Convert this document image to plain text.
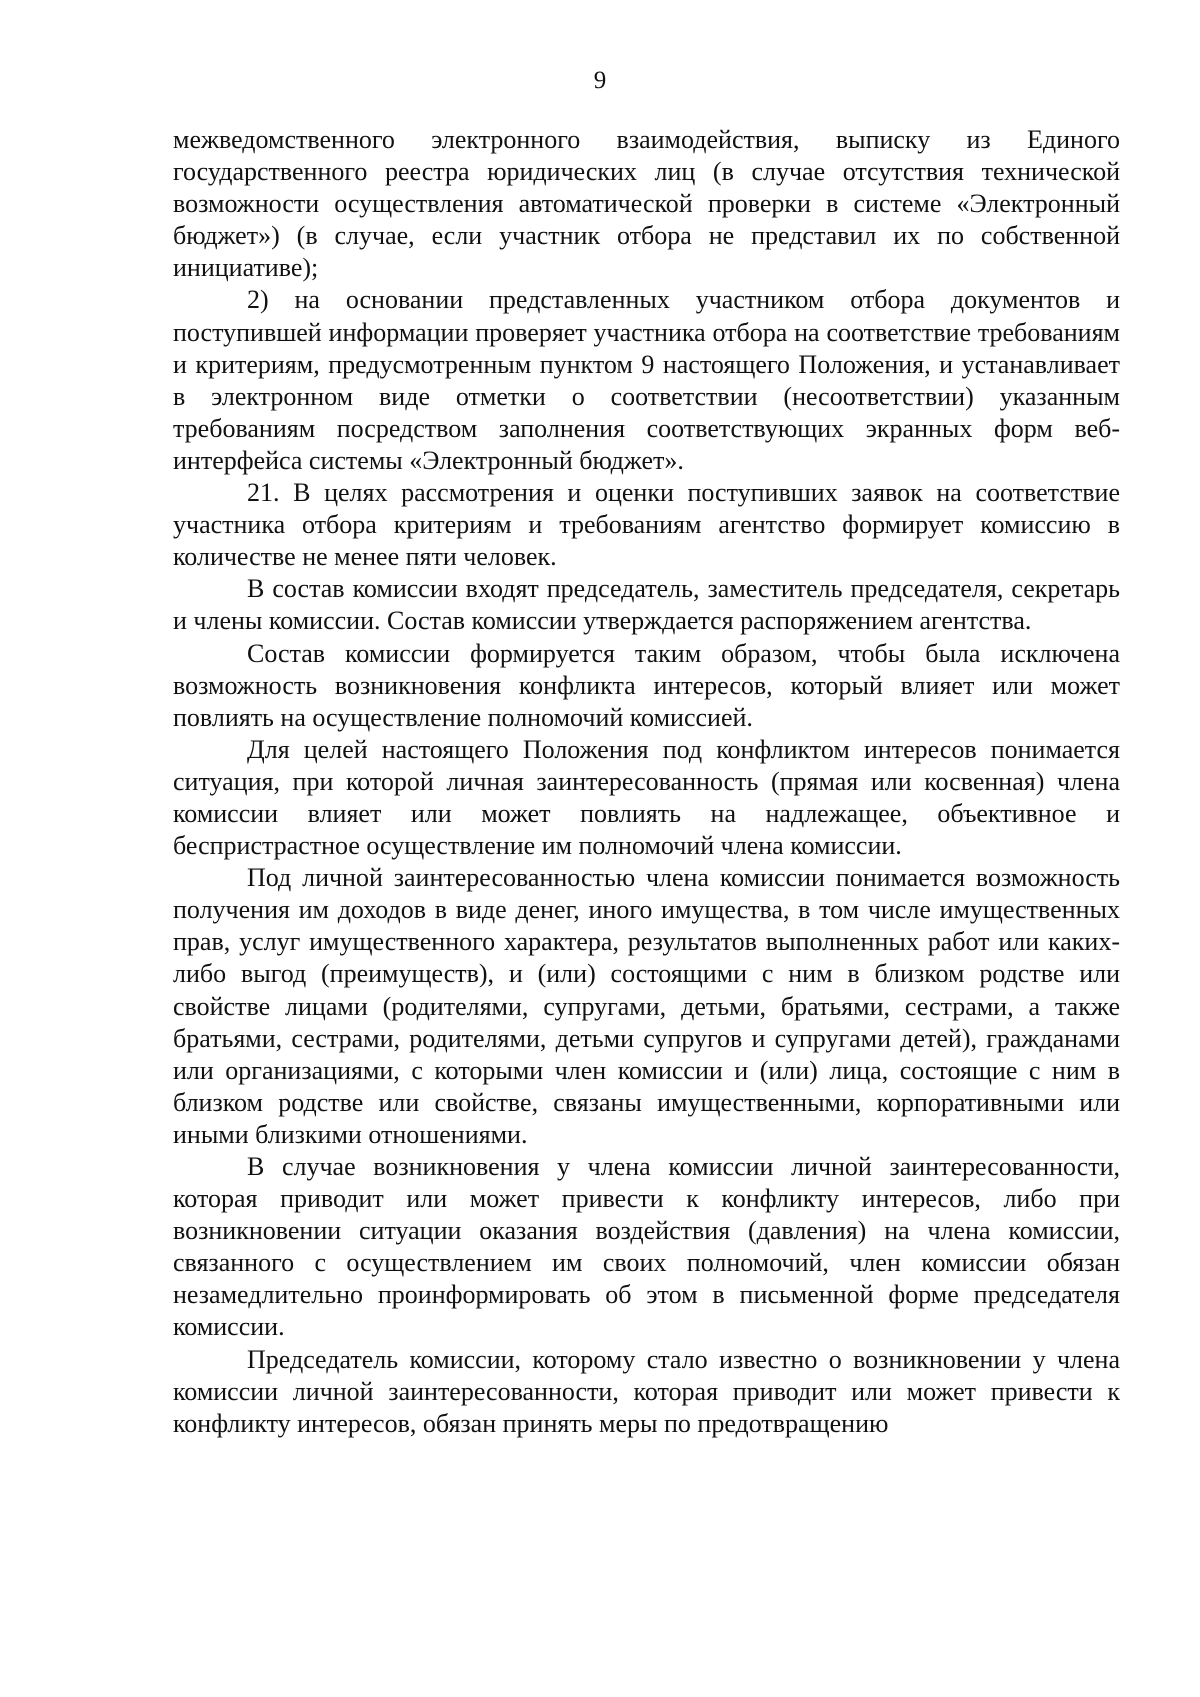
9

межведомственного электронного взаимодействия, выписку из Единого государственного реестра юридических лиц (в случае отсутствия технической возможности осуществления автоматической проверки в системе «Электронный бюджет») (в случае, если участник отбора не представил их по собственной инициативе);

2) на основании представленных участником отбора документов и поступившей информации проверяет участника отбора на соответствие требованиям и критериям, предусмотренным пунктом 9 настоящего Положения, и устанавливает в электронном виде отметки о соответствии (несоответствии) указанным требованиям посредством заполнения соответствующих экранных форм веб-интерфейса системы «Электронный бюджет».

21. В целях рассмотрения и оценки поступивших заявок на соответствие участника отбора критериям и требованиям агентство формирует комиссию в количестве не менее пяти человек.

В состав комиссии входят председатель, заместитель председателя, секретарь и члены комиссии. Состав комиссии утверждается распоряжением агентства.

Состав комиссии формируется таким образом, чтобы была исключена возможность возникновения конфликта интересов, который влияет или может повлиять на осуществление полномочий комиссией.

Для целей настоящего Положения под конфликтом интересов понимается ситуация, при которой личная заинтересованность (прямая или косвенная) члена комиссии влияет или может повлиять на надлежащее, объективное и беспристрастное осуществление им полномочий члена комиссии.

Под личной заинтересованностью члена комиссии понимается возможность получения им доходов в виде денег, иного имущества, в том числе имущественных прав, услуг имущественного характера, результатов выполненных работ или каких-либо выгод (преимуществ), и (или) состоящими с ним в близком родстве или свойстве лицами (родителями, супругами, детьми, братьями, сестрами, а также братьями, сестрами, родителями, детьми супругов и супругами детей), гражданами или организациями, с которыми член комиссии и (или) лица, состоящие с ним в близком родстве или свойстве, связаны имущественными, корпоративными или иными близкими отношениями.

В случае возникновения у члена комиссии личной заинтересованности, которая приводит или может привести к конфликту интересов, либо при возникновении ситуации оказания воздействия (давления) на члена комиссии, связанного с осуществлением им своих полномочий, член комиссии обязан незамедлительно проинформировать об этом в письменной форме председателя комиссии.

Председатель комиссии, которому стало известно о возникновении у члена комиссии личной заинтересованности, которая приводит или может привести к конфликту интересов, обязан принять меры по предотвращению
